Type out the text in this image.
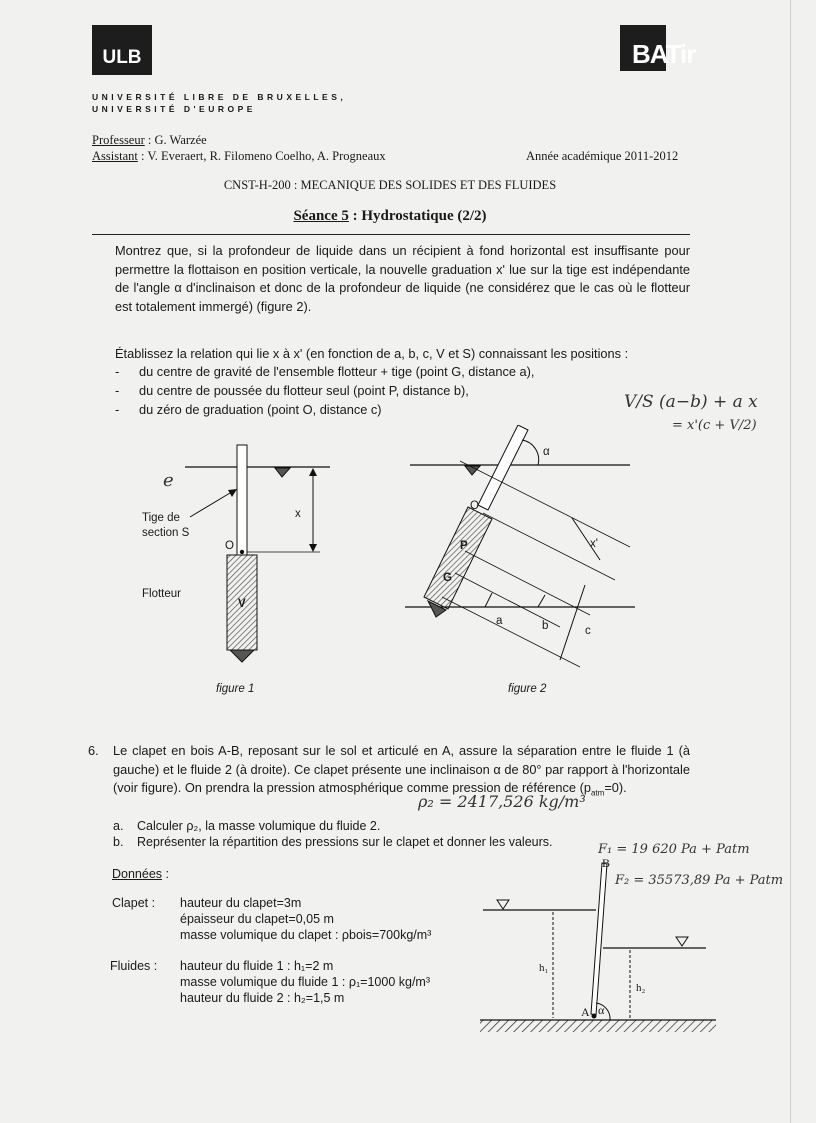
ULB	BATir
UNIVERSITÉ LIBRE DE BRUXELLES,
UNIVERSITÉ D'EUROPE
Professeur : G. Warzée
Assistant : V. Everaert, R. Filomeno Coelho, A. Progneaux	Année académique 2011-2012
CNST-H-200 : MECANIQUE DES SOLIDES ET DES FLUIDES
Séance 5 : Hydrostatique (2/2)
Montrez que, si la profondeur de liquide dans un récipient à fond horizontal est insuffisante pour permettre la flottaison en position verticale, la nouvelle graduation x' lue sur la tige est indépendante de l'angle α d'inclinaison et donc de la profondeur de liquide (ne considérez que le cas où le flotteur est totalement immergé) (figure 2).
Établissez la relation qui lie x à x' (en fonction de a, b, c, V et S) connaissant les positions :
- du centre de gravité de l'ensemble flotteur + tige (point G, distance a),
- du centre de poussée du flotteur seul (point P, distance b),
- du zéro de graduation (point O, distance c)	V/S (a−b) + a x
= x'(c + V/2)
e
Tige de
section S
O
x
V
Flotteur
figure 1
α
O
P
G
x'
a	b	c
figure 2
6.	Le clapet en bois A-B, reposant sur le sol et articulé en A, assure la séparation entre le fluide 1 (à gauche) et le fluide 2 (à droite). Ce clapet présente une inclinaison α de 80° par rapport à l'horizontale (voir figure). On prendra la pression atmosphérique comme pression de référence $(p_{atm}=0)$.
ρ₂ = 2417,526 kg/m³
a. Calculer ρ₂, la masse volumique du fluide 2.
b. Représenter la répartition des pressions sur le clapet et donner les valeurs.
Données :
Clapet : hauteur du clapet=3m
épaisseur du clapet=0,05 m
masse volumique du clapet : ρbois=700kg/m³
Fluides : hauteur du fluide 1 : h₁=2 m
masse volumique du fluide 1 : ρ₁=1000 kg/m³
hauteur du fluide 2 : h₂=1,5 m
F₁ = 19 620 Pa + Patm
F₂ = 35573,89 Pa + Patm
B
A
h₁
h₂
α
